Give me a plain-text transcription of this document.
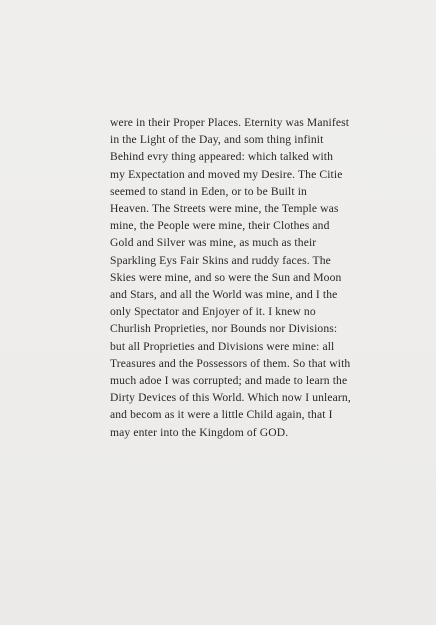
were in their Proper Places. Eternity was Manifest
in the Light of the Day, and som thing infinit
Behind evry thing appeared: which talked with
my Expectation and moved my Desire. The Citie
seemed to stand in Eden, or to be Built in
Heaven. The Streets were mine, the Temple was
mine, the People were mine, their Clothes and
Gold and Silver was mine, as much as their
Sparkling Eys Fair Skins and ruddy faces. The
Skies were mine, and so were the Sun and Moon
and Stars, and all the World was mine, and I the
only Spectator and Enjoyer of it. I knew no
Churlish Proprieties, nor Bounds nor Divisions:
but all Proprieties and Divisions were mine: all
Treasures and the Possessors of them. So that with
much adoe I was corrupted; and made to learn the
Dirty Devices of this World. Which now I unlearn,
and becom as it were a little Child again, that I
may enter into the Kingdom of GOD.
